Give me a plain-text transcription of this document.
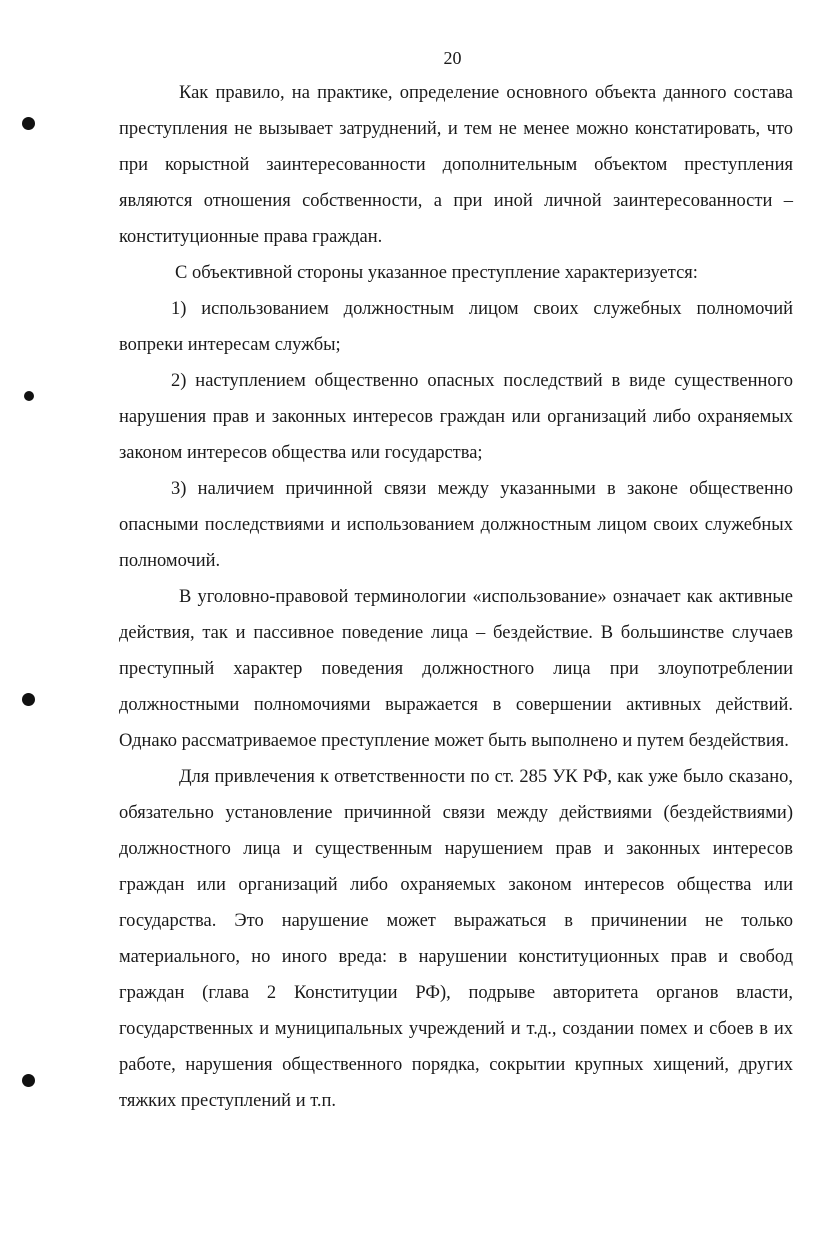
20

Как правило, на практике, определение основного объекта данного состава преступления не вызывает затруднений, и тем не менее можно констатировать, что при корыстной заинтересованности дополнительным объектом преступления являются отношения собственности, а при иной личной заинтересованности – конституционные права граждан.

С объективной стороны указанное преступление характеризуется:

1) использованием должностным лицом своих служебных полномочий вопреки интересам службы;

2) наступлением общественно опасных последствий в виде существенного нарушения прав и законных интересов граждан или организаций либо охраняемых законом интересов общества или государства;

3) наличием причинной связи между указанными в законе общественно опасными последствиями и использованием должностным лицом своих служебных полномочий.

В уголовно-правовой терминологии «использование» означает как активные действия, так и пассивное поведение лица – бездействие. В большинстве случаев преступный характер поведения должностного лица при злоупотреблении должностными полномочиями выражается в совершении активных действий. Однако рассматриваемое преступление может быть выполнено и путем бездействия.

Для привлечения к ответственности по ст. 285 УК РФ, как уже было сказано, обязательно установление причинной связи между действиями (бездействиями) должностного лица и существенным нарушением прав и законных интересов граждан или организаций либо охраняемых законом интересов общества или государства. Это нарушение может выражаться в причинении не только материального, но иного вреда: в нарушении конституционных прав и свобод граждан (глава 2 Конституции РФ), подрыве авторитета органов власти, государственных и муниципальных учреждений и т.д., создании помех и сбоев в их работе, нарушения общественного порядка, сокрытии крупных хищений, других тяжких преступлений и т.п.
